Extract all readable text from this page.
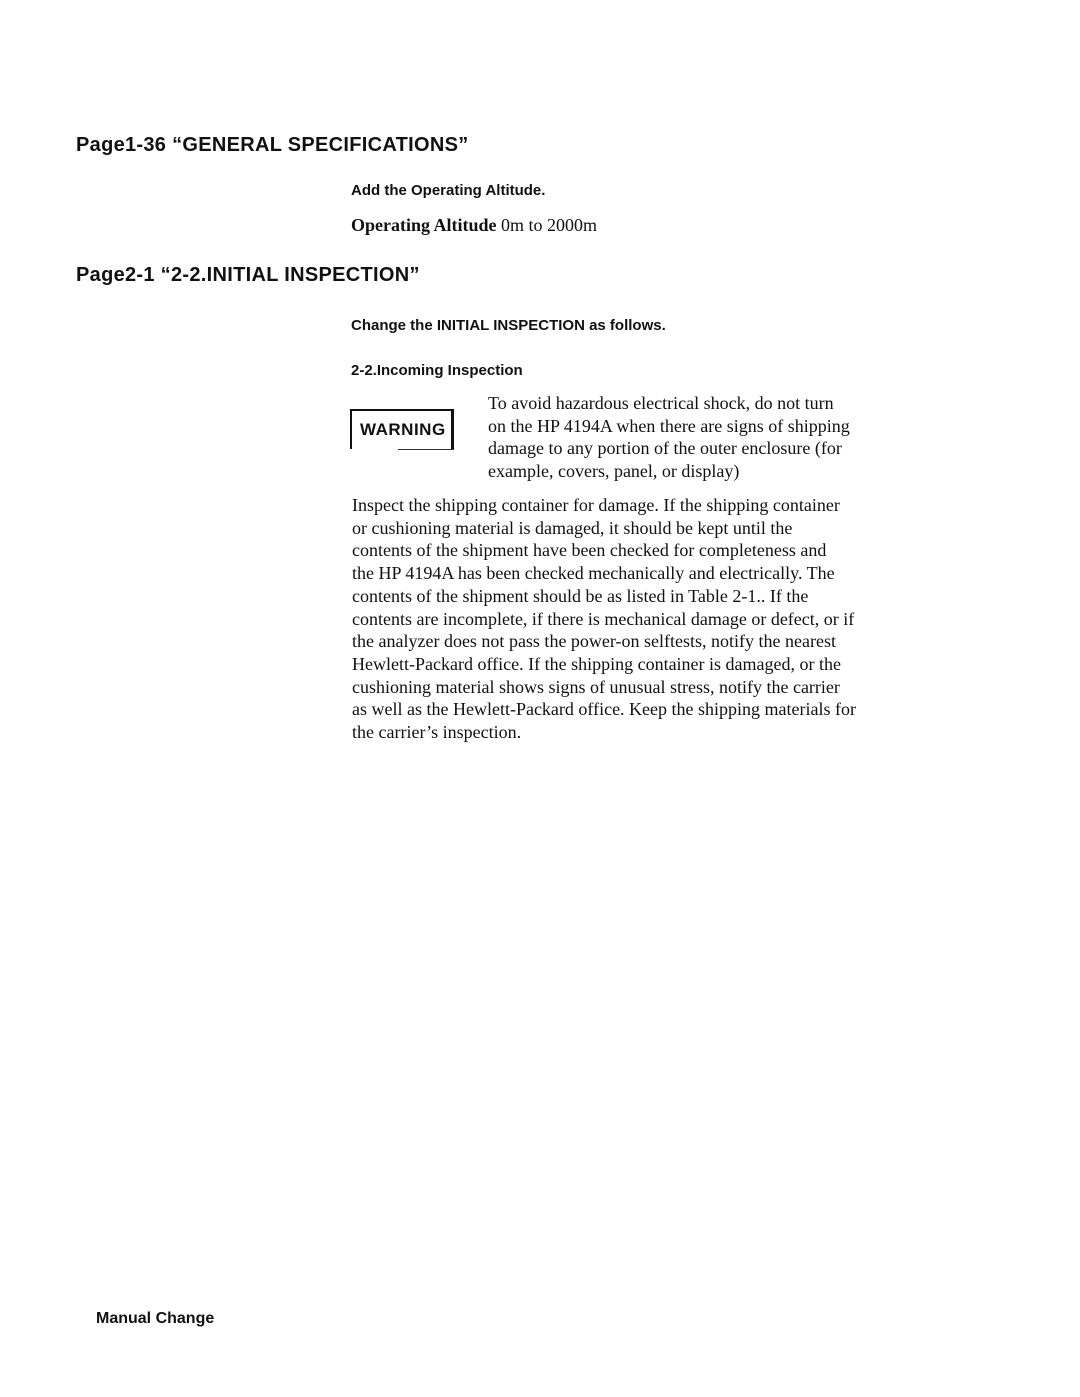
Page1-36 “GENERAL SPECIFICATIONS”
Add the Operating Altitude.
Operating Altitude 0m to 2000m
Page2-1 “2-2.INITIAL INSPECTION”
Change the INITIAL INSPECTION as follows.
2-2.Incoming Inspection
WARNING
To avoid hazardous electrical shock, do not turn
on the HP 4194A when there are signs of shipping
damage to any portion of the outer enclosure (for
example, covers, panel, or display)
Inspect the shipping container for damage. If the shipping container
or cushioning material is damaged, it should be kept until the
contents of the shipment have been checked for completeness and
the HP 4194A has been checked mechanically and electrically. The
contents of the shipment should be as listed in Table 2-1.. If the
contents are incomplete, if there is mechanical damage or defect, or if
the analyzer does not pass the power-on selftests, notify the nearest
Hewlett-Packard office. If the shipping container is damaged, or the
cushioning material shows signs of unusual stress, notify the carrier
as well as the Hewlett-Packard office. Keep the shipping materials for
the carrier’s inspection.
Manual Change
